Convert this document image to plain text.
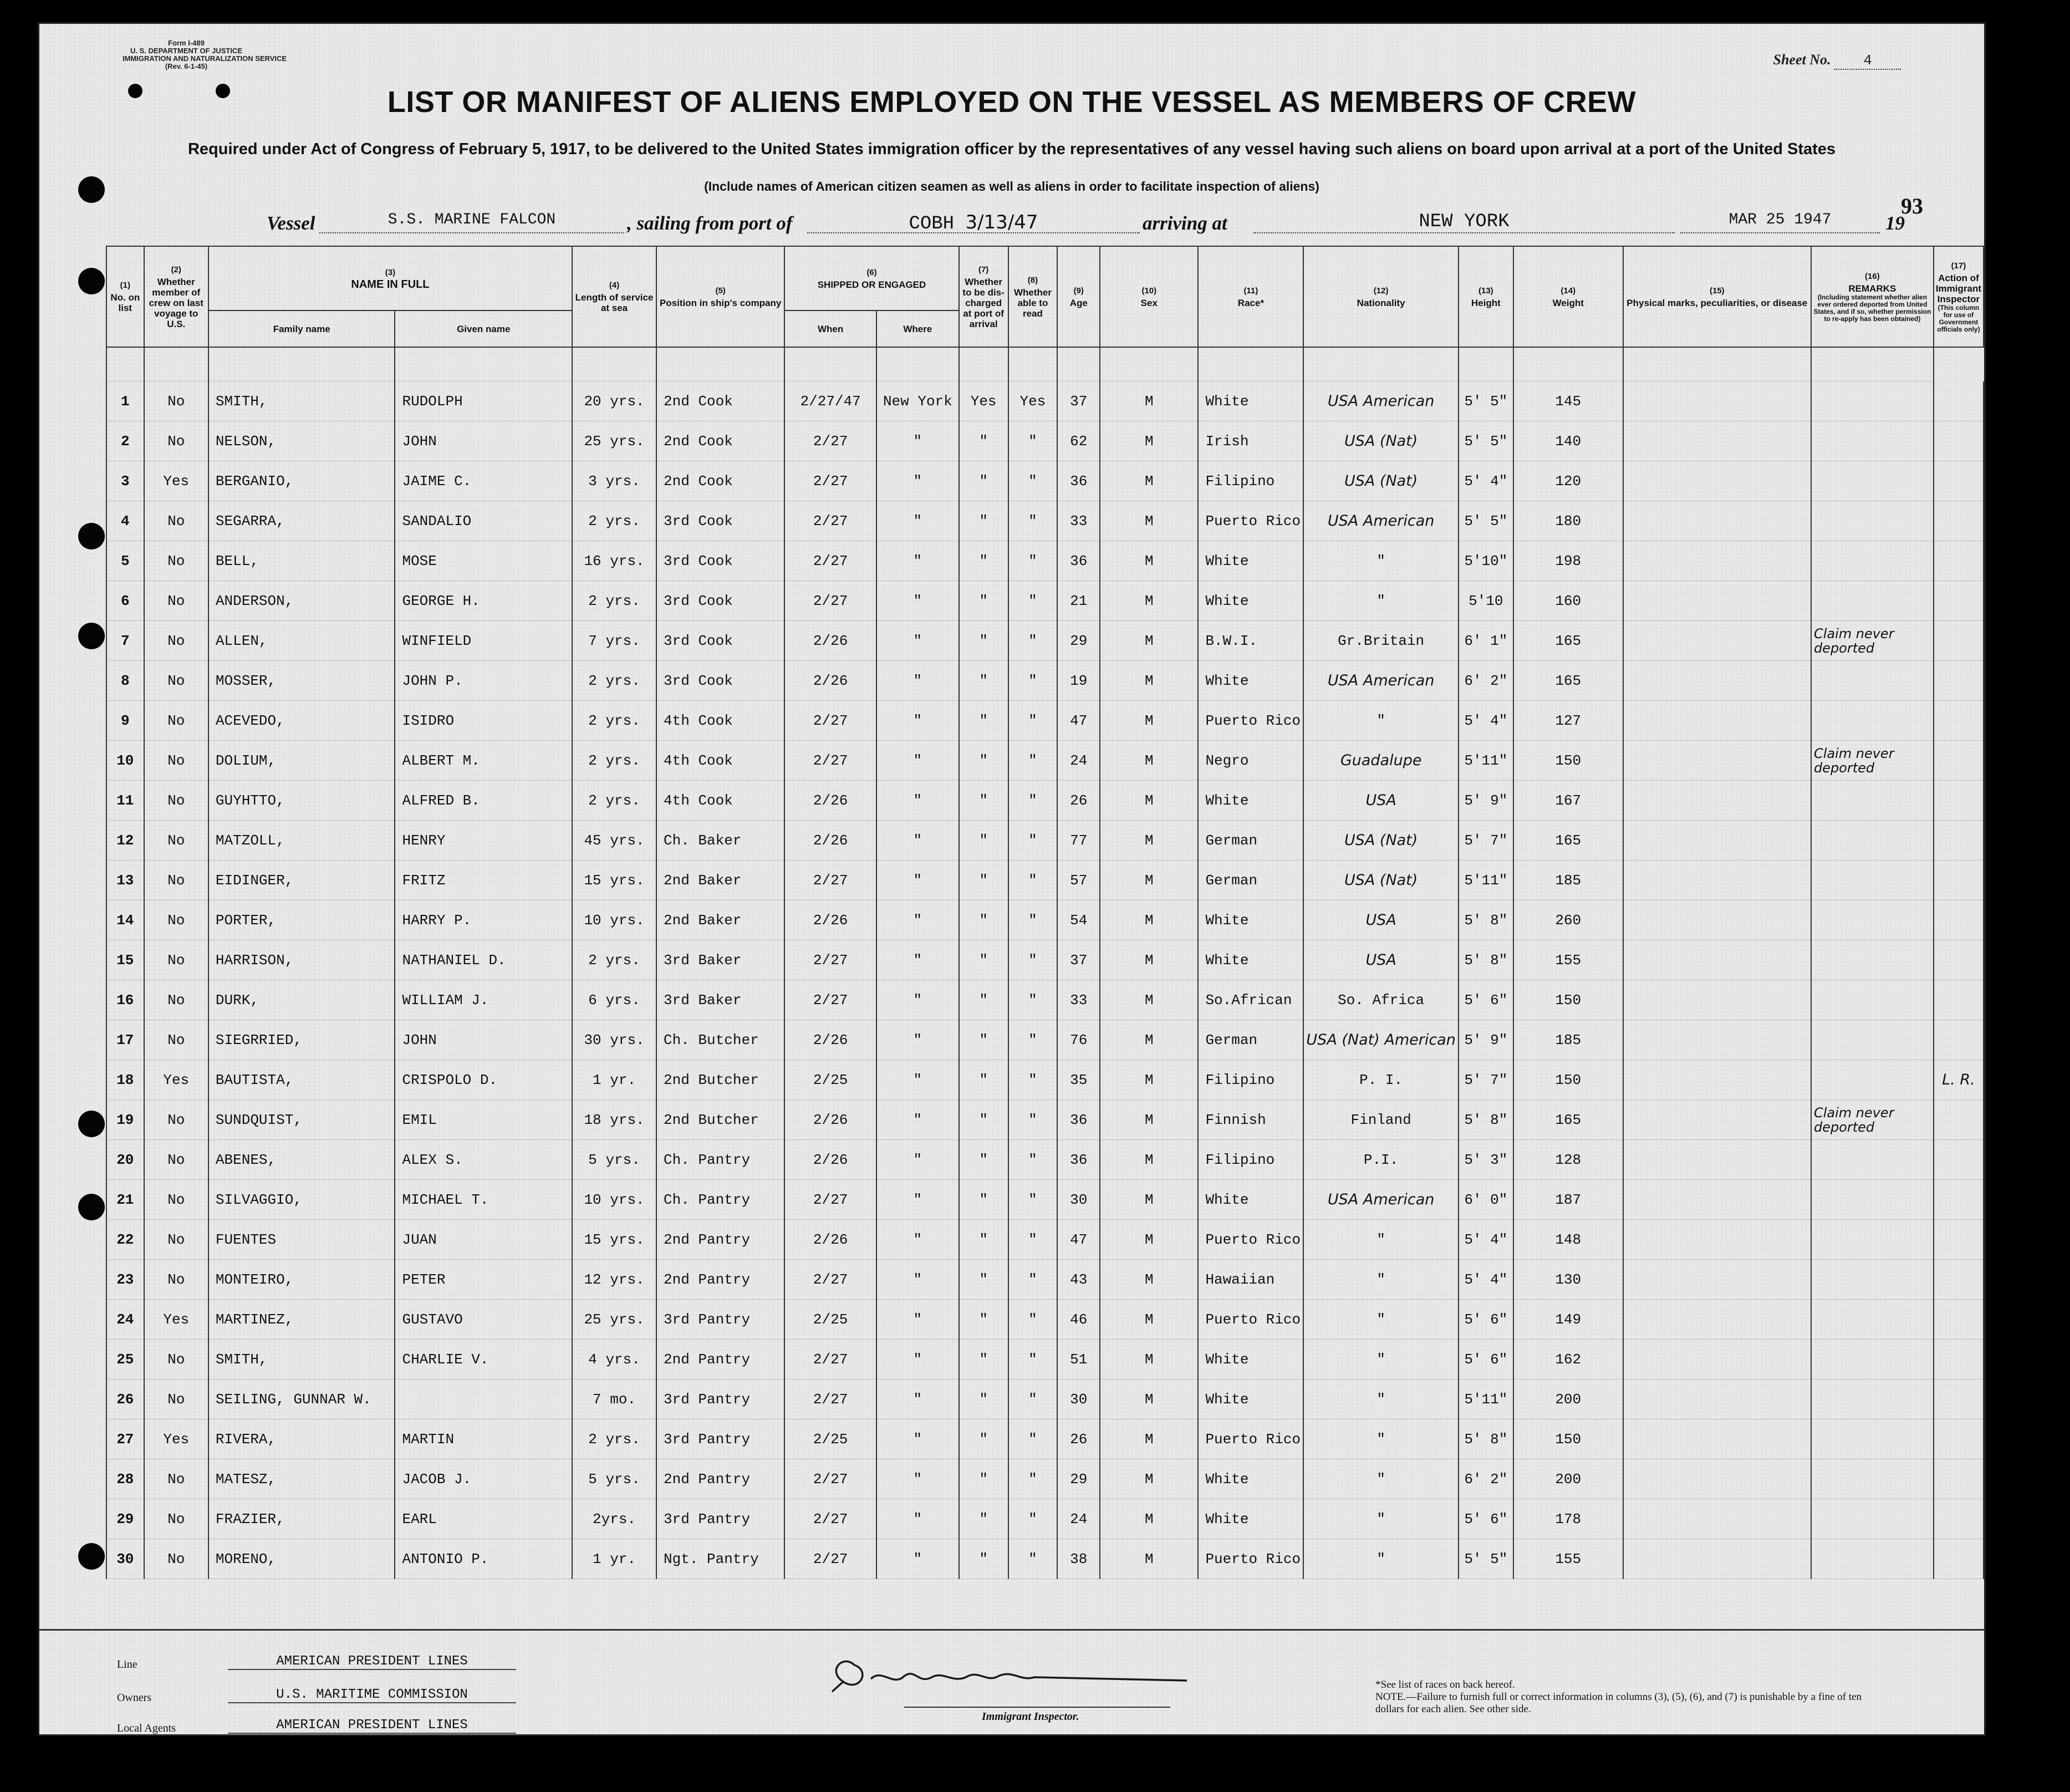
Form I-489
U. S. DEPARTMENT OF JUSTICE
IMMIGRATION AND NATURALIZATION SERVICE
(Rev. 6-1-45)	Sheet No. 4
LIST OR MANIFEST OF ALIENS EMPLOYED ON THE VESSEL AS MEMBERS OF CREW
Required under Act of Congress of February 5, 1917, to be delivered to the United States immigration officer by the representatives of any vessel having such aliens on board upon arrival at a port of the United States
(Include names of American citizen seamen as well as aliens in order to facilitate inspection of aliens)
93
Vessel	S.S. MARINE FALCON	, sailing from port of	COBH 3/13/47	arriving at	NEW YORK	MAR 25 1947	19
(1)
No. on list	(2)
Whether member of crew on last voyage to U.S.	(3)
NAME IN FULL		(4)
Length of service at sea	(5)
Position in ship's company	(6)
SHIPPED OR ENGAGED		(7)
Whether to be dis-charged at port of arrival	(8)
Whether able to read	(9)
Age	(10)
Sex	(11)
Race*	(12)
Nationality	(13)
Height	(14)
Weight	(15)
Physical marks, peculiarities, or disease	(16)
REMARKS

(Including statement whether alien ever ordered deported from United States, and if so, whether permission to re-apply has been obtained)	(17)
Action of Immigrant Inspector

(This column for use of Government officials only)

		Family name	Given name			When	Where											

1	No	SMITH,	RUDOLPH	20 yrs.	2nd Cook	2/27/47	New York	Yes	Yes	37	M	White	USA American	5' 5"	145			
2	No	NELSON,	JOHN	25 yrs.	2nd Cook	2/27	"	"	"	62	M	Irish	USA (Nat)	5' 5"	140			
3	Yes	BERGANIO,	JAIME C.	3 yrs.	2nd Cook	2/27	"	"	"	36	M	Filipino	USA (Nat)	5' 4"	120			
4	No	SEGARRA,	SANDALIO	2 yrs.	3rd Cook	2/27	"	"	"	33	M	Puerto Rico	USA American	5' 5"	180			
5	No	BELL,	MOSE	16 yrs.	3rd Cook	2/27	"	"	"	36	M	White	"	5'10"	198			
6	No	ANDERSON,	GEORGE H.	2 yrs.	3rd Cook	2/27	"	"	"	21	M	White	"	5'10	160			
7	No	ALLEN,	WINFIELD	7 yrs.	3rd Cook	2/26	"	"	"	29	M	B.W.I.	Gr.Britain	6' 1"	165		Claim never deported	
8	No	MOSSER,	JOHN P.	2 yrs.	3rd Cook	2/26	"	"	"	19	M	White	USA American	6' 2"	165			
9	No	ACEVEDO,	ISIDRO	2 yrs.	4th Cook	2/27	"	"	"	47	M	Puerto Rico	"	5' 4"	127			
10	No	DOLIUM,	ALBERT M.	2 yrs.	4th Cook	2/27	"	"	"	24	M	Negro	Guadalupe	5'11"	150		Claim never deported	
11	No	GUYHTTO,	ALFRED B.	2 yrs.	4th Cook	2/26	"	"	"	26	M	White	USA	5' 9"	167			
12	No	MATZOLL,	HENRY	45 yrs.	Ch. Baker	2/26	"	"	"	77	M	German	USA (Nat)	5' 7"	165			
13	No	EIDINGER,	FRITZ	15 yrs.	2nd Baker	2/27	"	"	"	57	M	German	USA (Nat)	5'11"	185			
14	No	PORTER,	HARRY P.	10 yrs.	2nd Baker	2/26	"	"	"	54	M	White	USA	5' 8"	260			
15	No	HARRISON,	NATHANIEL D.	2 yrs.	3rd Baker	2/27	"	"	"	37	M	White	USA	5' 8"	155			
16	No	DURK,	WILLIAM J.	6 yrs.	3rd Baker	2/27	"	"	"	33	M	So.African	So. Africa	5' 6"	150			
17	No	SIEGRRIED,	JOHN	30 yrs.	Ch. Butcher	2/26	"	"	"	76	M	German	USA (Nat) American	5' 9"	185			
18	Yes	BAUTISTA,	CRISPOLO D.	1 yr.	2nd Butcher	2/25	"	"	"	35	M	Filipino	P. I.	5' 7"	150			L. R.
19	No	SUNDQUIST,	EMIL	18 yrs.	2nd Butcher	2/26	"	"	"	36	M	Finnish	Finland	5' 8"	165		Claim never deported	
20	No	ABENES,	ALEX S.	5 yrs.	Ch. Pantry	2/26	"	"	"	36	M	Filipino	P.I.	5' 3"	128			
21	No	SILVAGGIO,	MICHAEL T.	10 yrs.	Ch. Pantry	2/27	"	"	"	30	M	White	USA American	6' 0"	187			
22	No	FUENTES	JUAN	15 yrs.	2nd Pantry	2/26	"	"	"	47	M	Puerto Rico	"	5' 4"	148			
23	No	MONTEIRO,	PETER	12 yrs.	2nd Pantry	2/27	"	"	"	43	M	Hawaiian	"	5' 4"	130			
24	Yes	MARTINEZ,	GUSTAVO	25 yrs.	3rd Pantry	2/25	"	"	"	46	M	Puerto Rico	"	5' 6"	149			
25	No	SMITH,	CHARLIE V.	4 yrs.	2nd Pantry	2/27	"	"	"	51	M	White	"	5' 6"	162			
26	No	SEILING, GUNNAR W.		7 mo.	3rd Pantry	2/27	"	"	"	30	M	White	"	5'11"	200			
27	Yes	RIVERA,	MARTIN	2 yrs.	3rd Pantry	2/25	"	"	"	26	M	Puerto Rico	"	5' 8"	150			
28	No	MATESZ,	JACOB J.	5 yrs.	2nd Pantry	2/27	"	"	"	29	M	White	"	6' 2"	200			
29	No	FRAZIER,	EARL	2yrs.	3rd Pantry	2/27	"	"	"	24	M	White	"	5' 6"	178			
30	No	MORENO,	ANTONIO P.	1 yr.	Ngt. Pantry	2/27	"	"	"	38	M	Puerto Rico	"	5' 5"	155			
Line	AMERICAN PRESIDENT LINES
Owners	U.S. MARITIME COMMISSION
Local Agents	AMERICAN PRESIDENT LINES
Immigrant Inspector.
*See list of races on back hereof.
NOTE.—Failure to furnish full or correct information in columns (3), (5), (6), and (7) is punishable by a fine of ten dollars for each alien. See other side.
